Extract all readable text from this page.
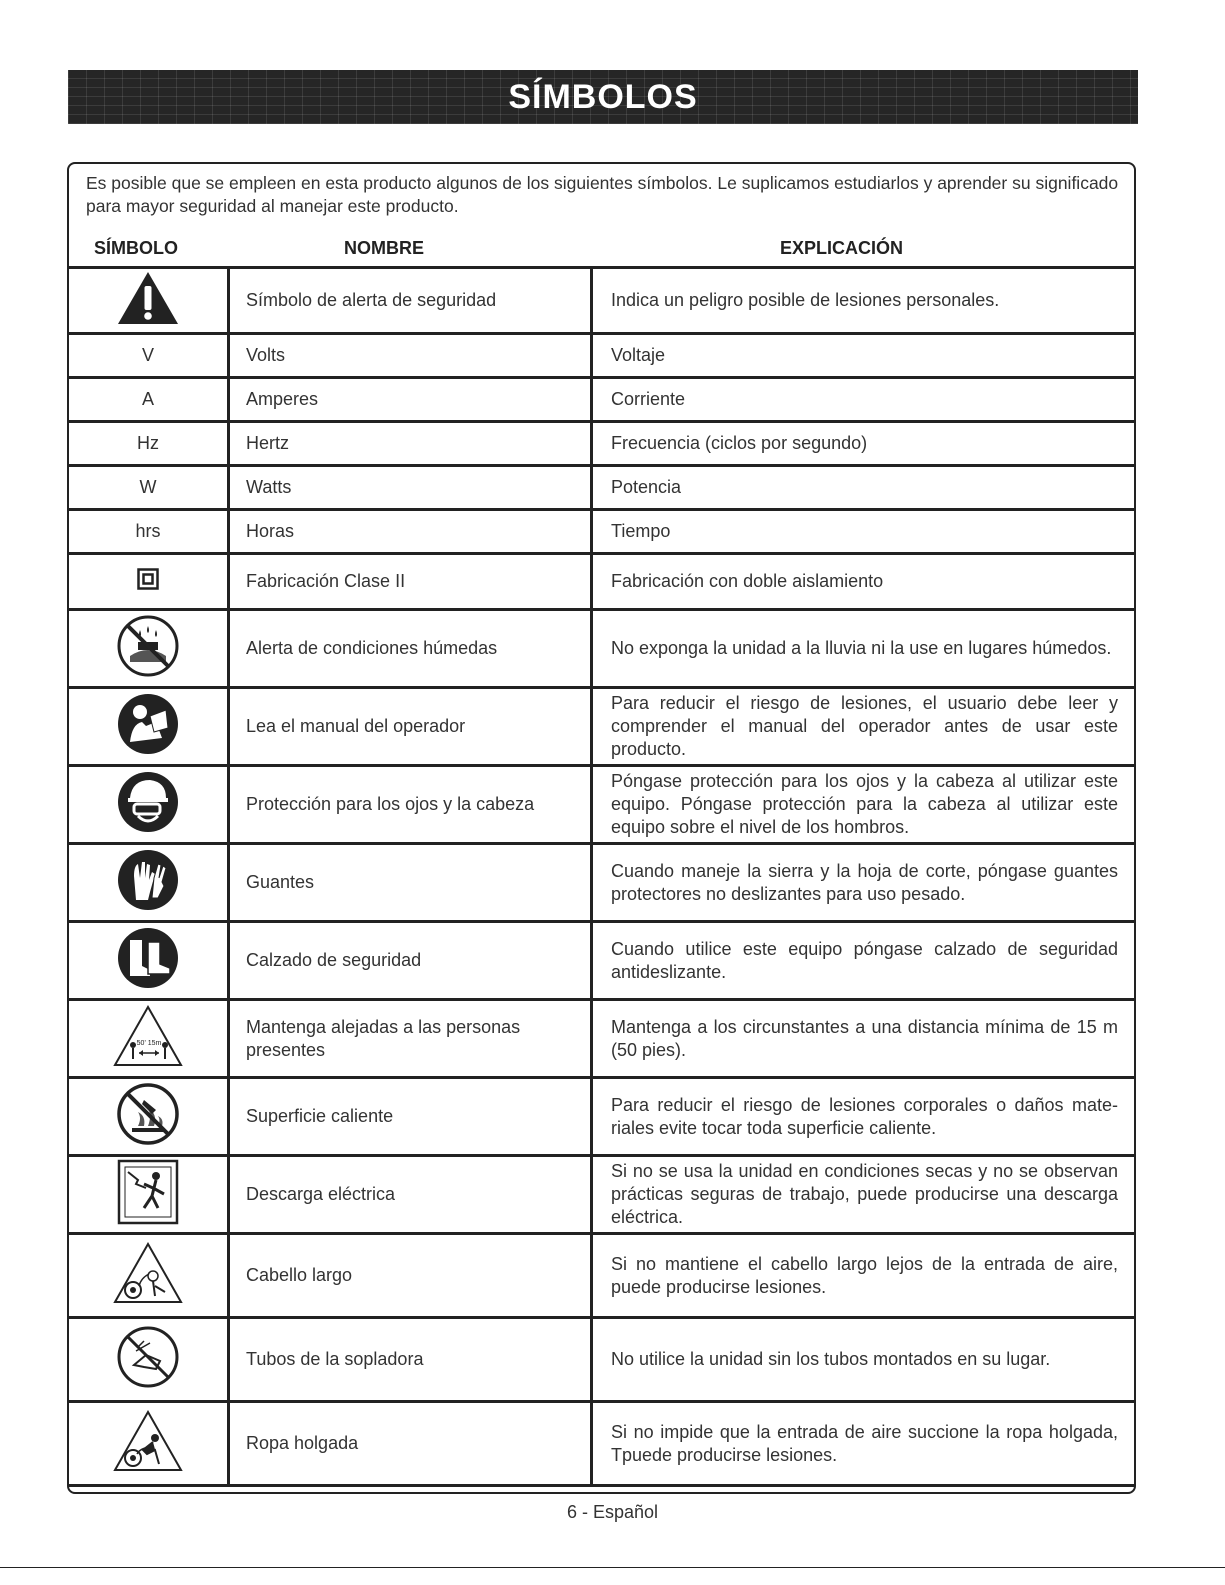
SÍMBOLOS
Es posible que se empleen en esta producto algunos de los siguientes símbolos. Le suplicamos estudiarlos y aprender su significado para mayor seguridad al manejar este producto.
SÍMBOLO	NOMBRE	EXPLICACIÓN
	Símbolo de alerta de seguridad	Indica un peligro posible de lesiones personales.
V	Volts	Voltaje
A	Amperes	Corriente
Hz	Hertz	Frecuencia (ciclos por segundo)
W	Watts	Potencia
hrs	Horas	Tiempo
	Fabricación Clase II	Fabricación con doble aislamiento
	Alerta de condiciones húmedas	No exponga la unidad a la lluvia ni la use en lugares húmedos.
	Lea el manual del operador	Para reducir el riesgo de lesiones, el usuario debe leer y comprender el manual del operador antes de usar este producto.
	Protección para los ojos y la cabeza	Póngase protección para los ojos y la cabeza al utilizar este equipo. Póngase protección para la cabeza al utilizar este equipo sobre el nivel de los hombros.
	Guantes	Cuando maneje la sierra y la hoja de corte, póngase guantes protectores no deslizantes para uso pesado.
	Calzado de seguridad	Cuando utilice este equipo póngase calzado de seguridad antideslizante.

50' 15m	Mantenga alejadas a las personas presentes	Mantenga a los circunstantes a una distancia mínima de 15 m (50 pies).
	Superficie caliente	Para reducir el riesgo de lesiones corporales o daños mate-riales evite tocar toda superficie caliente.
	Descarga eléctrica	Si no se usa la unidad en condiciones secas y no se observan prácticas seguras de trabajo, puede producirse una descarga eléctrica.
	Cabello largo	Si no mantiene el cabello largo lejos de la entrada de aire, puede producirse lesiones.
	Tubos de la sopladora	No utilice la unidad sin los tubos montados en su lugar.
	Ropa holgada	Si no impide que la entrada de aire succione la ropa holgada, Tpuede producirse lesiones.
6 - Español
